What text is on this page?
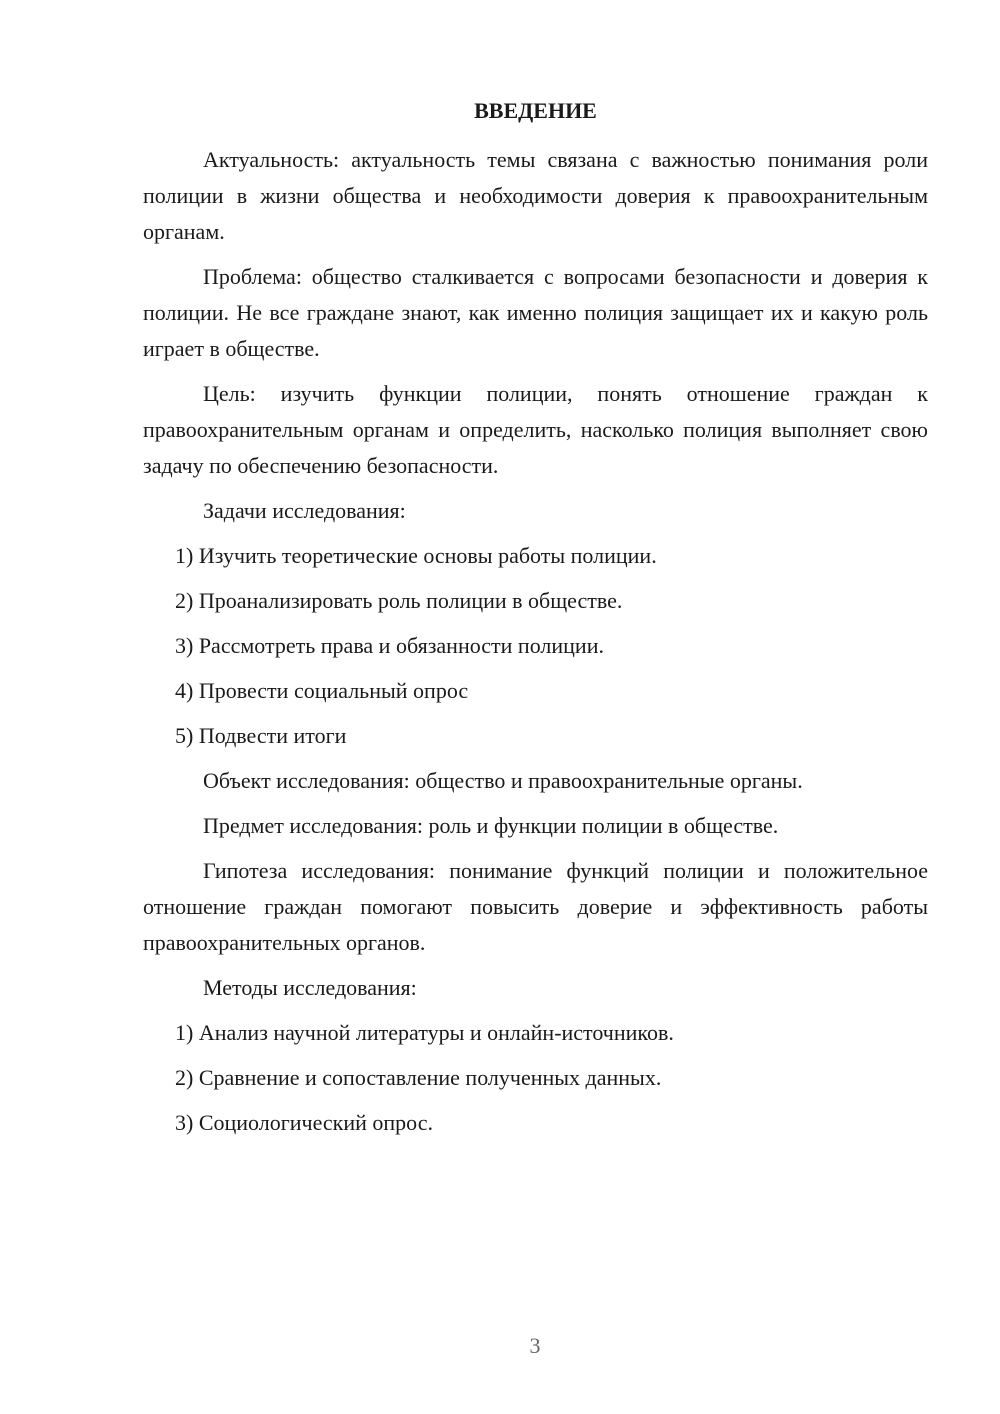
ВВЕДЕНИЕ
Актуальность: актуальность темы связана с важностью понимания роли полиции в жизни общества и необходимости доверия к правоохранительным органам.
Проблема: общество сталкивается с вопросами безопасности и доверия к полиции. Не все граждане знают, как именно полиция защищает их и какую роль играет в обществе.
Цель: изучить функции полиции, понять отношение граждан к правоохранительным органам и определить, насколько полиция выполняет свою задачу по обеспечению безопасности.
Задачи исследования:
1) Изучить теоретические основы работы полиции.
2) Проанализировать роль полиции в обществе.
3) Рассмотреть права и обязанности полиции.
4) Провести социальный опрос
5) Подвести итоги
Объект исследования: общество и правоохранительные органы.
Предмет исследования: роль и функции полиции в обществе.
Гипотеза исследования: понимание функций полиции и положительное отношение граждан помогают повысить доверие и эффективность работы правоохранительных органов.
Методы исследования:
1) Анализ научной литературы и онлайн-источников.
2) Сравнение и сопоставление полученных данных.
3) Социологический опрос.
3
